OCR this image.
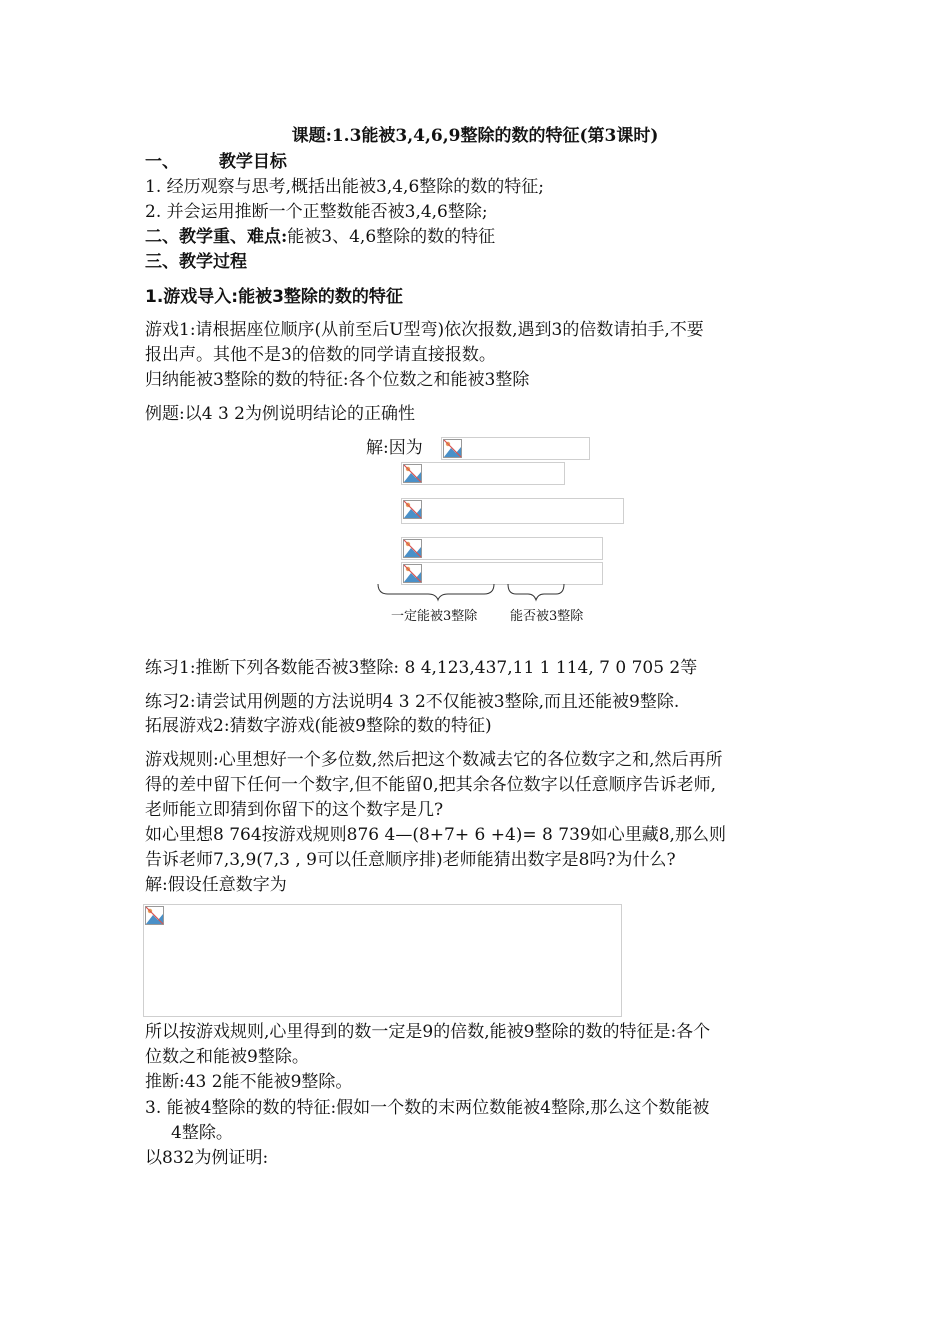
课题:1.3能被3,4,6,9整除的数的特征(第3课时)
一、 教学目标
1. 经历观察与思考,概括出能被3,4,6整除的数的特征;
2. 并会运用推断一个正整数能否被3,4,6整除;
二、教学重、难点:能被3、4,6整除的数的特征
三、教学过程
1.游戏导入:能被3整除的数的特征
游戏1:请根据座位顺序(从前至后U型弯)依次报数,遇到3的倍数请拍手,不要
报出声。其他不是3的倍数的同学请直接报数。
归纳能被3整除的数的特征:各个位数之和能被3整除
例题:以4 3 2为例说明结论的正确性
解:因为
一定能被3整除	能否被3整除
练习1:推断下列各数能否被3整除: 8 4,123,437,11 1 114, 7 0 705 2等
练习2:请尝试用例题的方法说明4 3 2不仅能被3整除,而且还能被9整除.
拓展游戏2:猜数字游戏(能被9整除的数的特征)
游戏规则:心里想好一个多位数,然后把这个数减去它的各位数字之和,然后再所
得的差中留下任何一个数字,但不能留0,把其余各位数字以任意顺序告诉老师,
老师能立即猜到你留下的这个数字是几?
如心里想8 764按游戏规则876 4—(8+7+ 6 +4)= 8 739如心里藏8,那么则
告诉老师7,3,9(7,3 , 9可以任意顺序排)老师能猜出数字是8吗?为什么?
解:假设任意数字为
所以按游戏规则,心里得到的数一定是9的倍数,能被9整除的数的特征是:各个
位数之和能被9整除。
推断:43 2能不能被9整除。
3. 能被4整除的数的特征:假如一个数的末两位数能被4整除,那么这个数能被
4整除。
以832为例证明:
